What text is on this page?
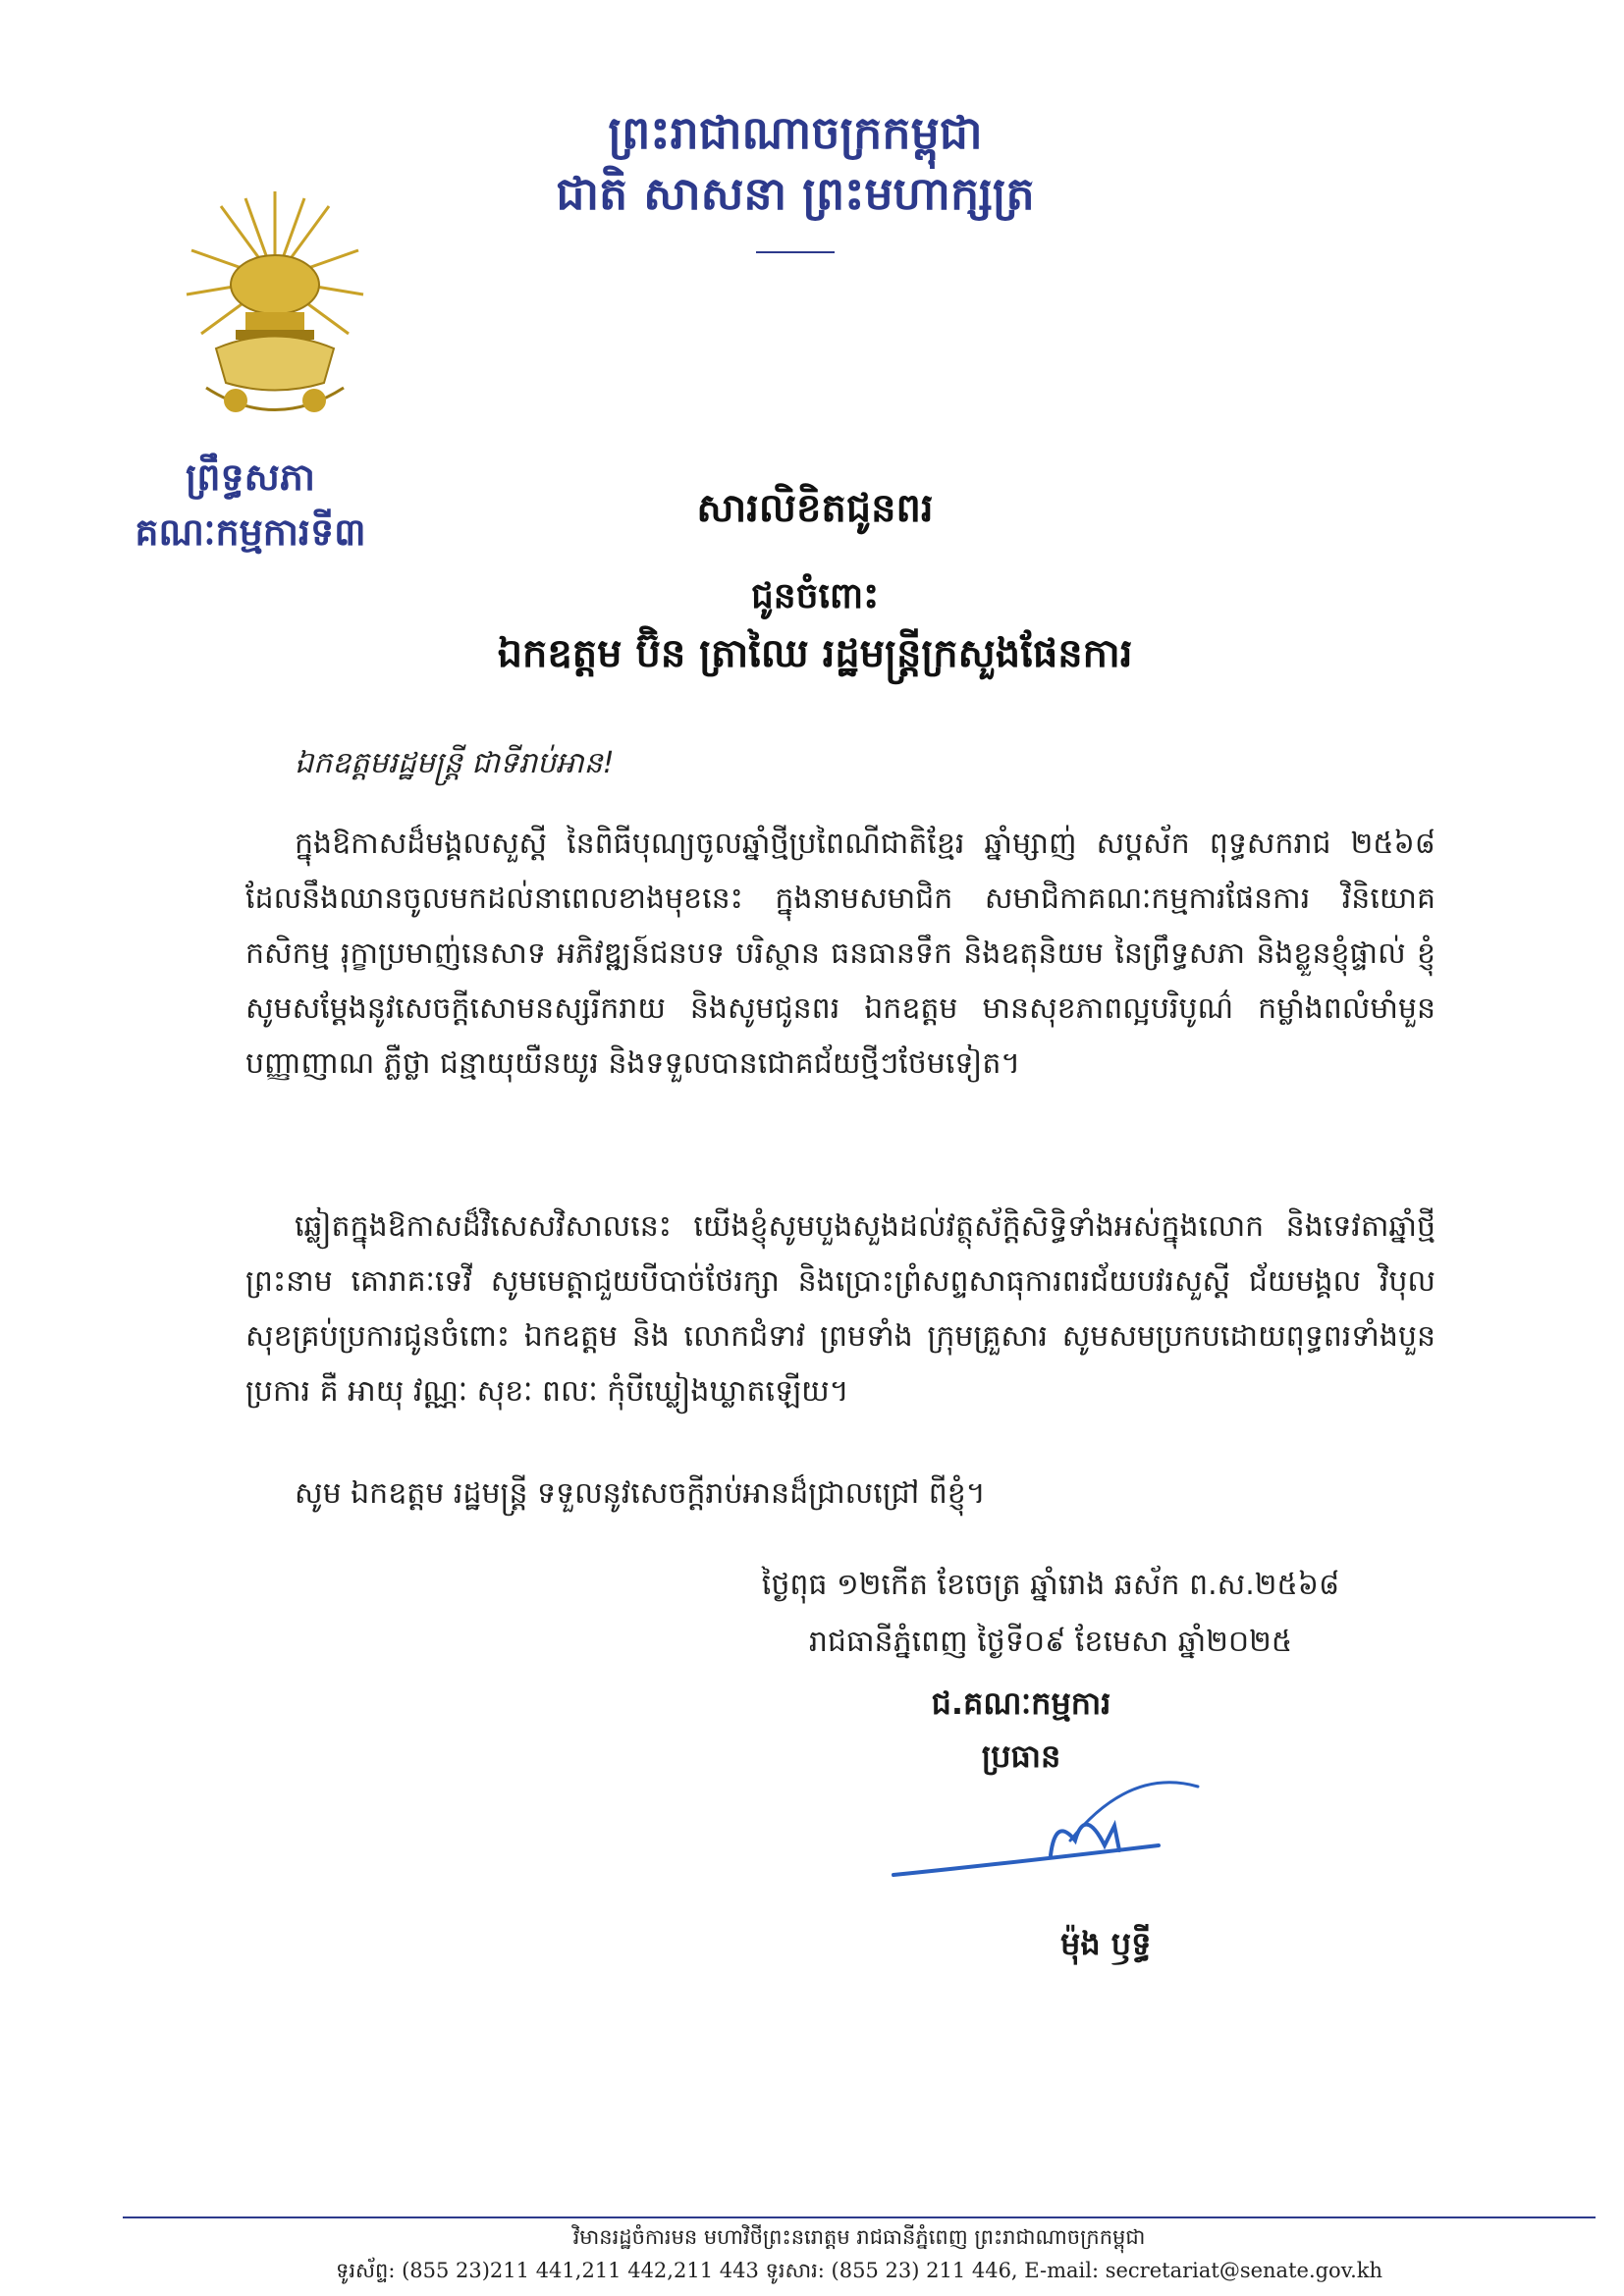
ព្រះរាជាណាចក្រកម្ពុជា
ជាតិ សាសនា ព្រះមហាក្សត្រ
ព្រឹទ្ធសភា
គណៈកម្មការទី៣
សារលិខិតជូនពរ
ជូនចំពោះ
ឯកឧត្តម ប៊ិន ត្រាឈៃ រដ្ឋមន្ត្រីក្រសួងផែនការ
ឯកឧត្តមរដ្ឋមន្ត្រី ជាទីរាប់អាន!
ក្នុងឱកាសដ៏មង្គលសួស្តី នៃពិធីបុណ្យចូលឆ្នាំថ្មីប្រពៃណីជាតិខ្មែរ ឆ្នាំម្សាញ់ សប្តស័ក ពុទ្ធសករាជ ២៥៦៨ ដែលនឹងឈានចូលមកដល់នាពេលខាងមុខនេះ ក្នុងនាមសមាជិក សមាជិកាគណៈកម្មការផែនការ វិនិយោគ កសិកម្ម រុក្ខាប្រមាញ់នេសាទ អភិវឌ្ឍន៍ជនបទ បរិស្ថាន ធនធានទឹក និងឧតុនិយម នៃព្រឹទ្ធសភា និងខ្លួនខ្ញុំផ្ទាល់ ខ្ញុំសូមសម្តែងនូវសេចក្តីសោមនស្សរីករាយ និងសូមជូនពរ ឯកឧត្តម មានសុខភាពល្អបរិបូណ៌ កម្លាំងពលំមាំមួន បញ្ញាញាណ ភ្លឺថ្លា ជន្មាយុយឺនយូរ និងទទួលបានជោគជ័យថ្មីៗថែមទៀត។
ឆ្លៀតក្នុងឱកាសដ៏វិសេសវិសាលនេះ យើងខ្ញុំសូមបួងសួងដល់វត្ថុស័ក្តិសិទ្ធិទាំងអស់ក្នុងលោក និងទេវតាឆ្នាំថ្មីព្រះនាម គោរាគៈទេវី សូមមេត្តាជួយបីបាច់ថែរក្សា និងប្រោះព្រំសព្ទសាធុការពរជ័យបវរសួស្តី ជ័យមង្គល វិបុលសុខគ្រប់ប្រការជូនចំពោះ ឯកឧត្តម និង លោកជំទាវ ព្រមទាំង ក្រុមគ្រួសារ សូមសមប្រកបដោយពុទ្ធពរទាំងបួនប្រការ គឺ អាយុ វណ្ណៈ សុខៈ ពលៈ កុំបីឃ្លៀងឃ្លាតឡើយ។
សូម ឯកឧត្តម រដ្ឋមន្ត្រី ទទួលនូវសេចក្តីរាប់អានដ៏ជ្រាលជ្រៅ ពីខ្ញុំ។
ថ្ងៃពុធ ១២កើត ខែចេត្រ ឆ្នាំរោង ឆស័ក ព.ស.២៥៦៨
រាជធានីភ្នំពេញ ថ្ងៃទី០៩ ខែមេសា ឆ្នាំ២០២៥
ជ.គណៈកម្មការ
ប្រធាន
ម៉ុង ឫទ្ធី
វិមានរដ្ឋចំការមន មហាវិថីព្រះនរោត្តម រាជធានីភ្នំពេញ ព្រះរាជាណាចក្រកម្ពុជា
ទូរស័ព្ទ: (855 23)211 441,211 442,211 443 ទូរសារ: (855 23) 211 446, E-mail: secretariat@senate.gov.kh
